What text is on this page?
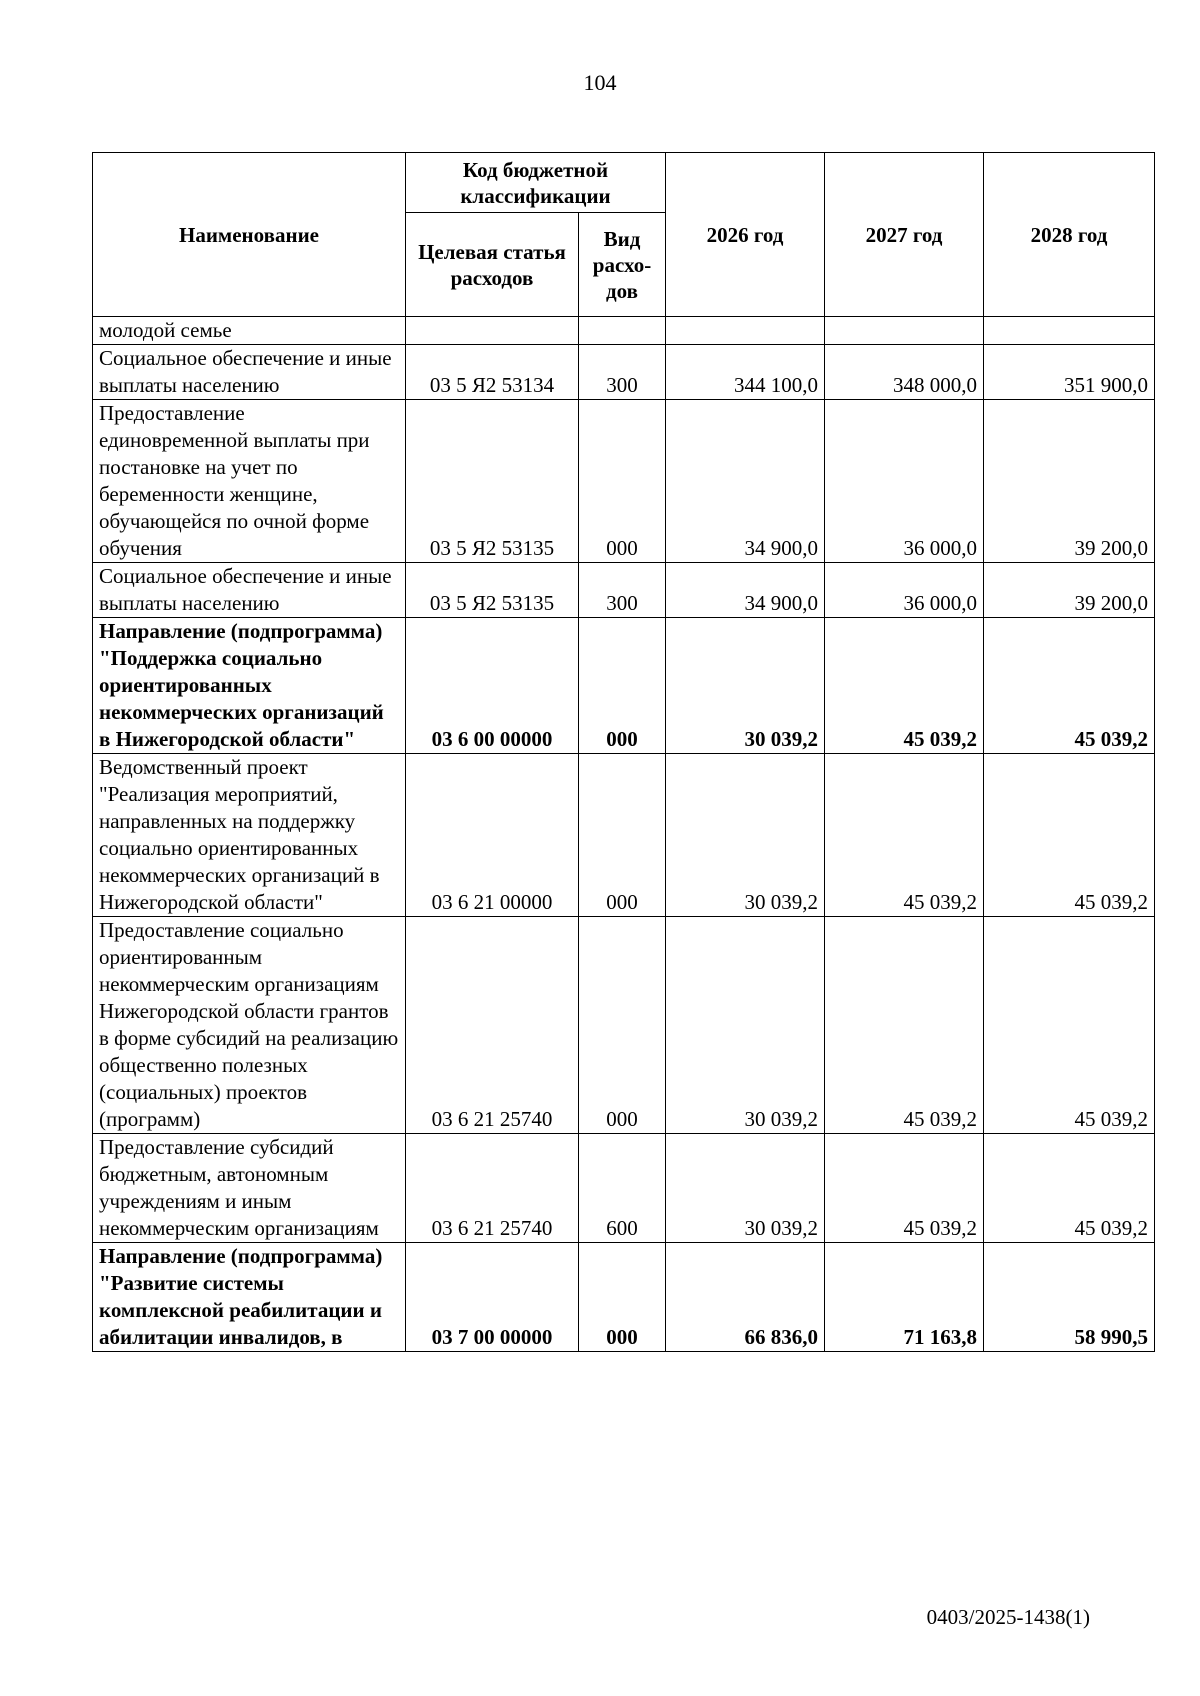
104
Наименование	Код бюджетной классификации		2026 год	2027 год	2028 год
	Целевая статья расходов	Вид расхо-дов			
молодой семье					
Социальное обеспечение и иные выплаты населению	03 5 Я2 53134	300	344 100,0	348 000,0	351 900,0
Предоставление единовременной выплаты при постановке на учет по беременности женщине, обучающейся по очной форме обучения	03 5 Я2 53135	000	34 900,0	36 000,0	39 200,0
Социальное обеспечение и иные выплаты населению	03 5 Я2 53135	300	34 900,0	36 000,0	39 200,0
Направление (подпрограмма) "Поддержка социально ориентированных некоммерческих организаций в Нижегородской области"	03 6 00 00000	000	30 039,2	45 039,2	45 039,2
Ведомственный проект "Реализация мероприятий, направленных на поддержку социально ориентированных некоммерческих организаций в Нижегородской области"	03 6 21 00000	000	30 039,2	45 039,2	45 039,2
Предоставление социально ориентированным некоммерческим организациям Нижегородской области грантов в форме субсидий на реализацию общественно полезных (социальных) проектов (программ)	03 6 21 25740	000	30 039,2	45 039,2	45 039,2
Предоставление субсидий бюджетным, автономным учреждениям и иным некоммерческим организациям	03 6 21 25740	600	30 039,2	45 039,2	45 039,2
Направление (подпрограмма) "Развитие системы комплексной реабилитации и абилитации инвалидов, в	03 7 00 00000	000	66 836,0	71 163,8	58 990,5
0403/2025-1438(1)
